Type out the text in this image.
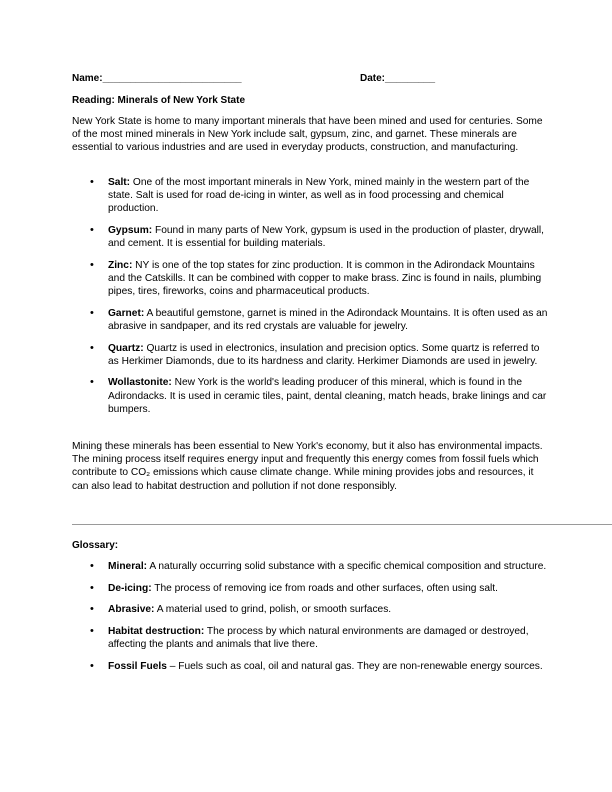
Name:_________________________	Date:_________
Reading: Minerals of New York State

New York State is home to many important minerals that have been mined and used for centuries. Some of the most mined minerals in New York include salt, gypsum, zinc, and garnet. These minerals are essential to various industries and are used in everyday products, construction, and manufacturing.

• Salt: One of the most important minerals in New York, mined mainly in the western part of the state. Salt is used for road de-icing in winter, as well as in food processing and chemical production.
• Gypsum: Found in many parts of New York, gypsum is used in the production of plaster, drywall, and cement. It is essential for building materials.
• Zinc: NY is one of the top states for zinc production. It is common in the Adirondack Mountains and the Catskills. It can be combined with copper to make brass. Zinc is found in nails, plumbing pipes, tires, fireworks, coins and pharmaceutical products.
• Garnet: A beautiful gemstone, garnet is mined in the Adirondack Mountains. It is often used as an abrasive in sandpaper, and its red crystals are valuable for jewelry.
• Quartz: Quartz is used in electronics, insulation and precision optics. Some quartz is referred to as Herkimer Diamonds, due to its hardness and clarity. Herkimer Diamonds are used in jewelry.
• Wollastonite: New York is the world's leading producer of this mineral, which is found in the Adirondacks. It is used in ceramic tiles, paint, dental cleaning, match heads, brake linings and car bumpers.

Mining these minerals has been essential to New York's economy, but it also has environmental impacts. The mining process itself requires energy input and frequently this energy comes from fossil fuels which contribute to CO₂ emissions which cause climate change. While mining provides jobs and resources, it can also lead to habitat destruction and pollution if not done responsibly.

Glossary:
• Mineral: A naturally occurring solid substance with a specific chemical composition and structure.
• De-icing: The process of removing ice from roads and other surfaces, often using salt.
• Abrasive: A material used to grind, polish, or smooth surfaces.
• Habitat destruction: The process by which natural environments are damaged or destroyed, affecting the plants and animals that live there.
• Fossil Fuels – Fuels such as coal, oil and natural gas. They are non-renewable energy sources.
